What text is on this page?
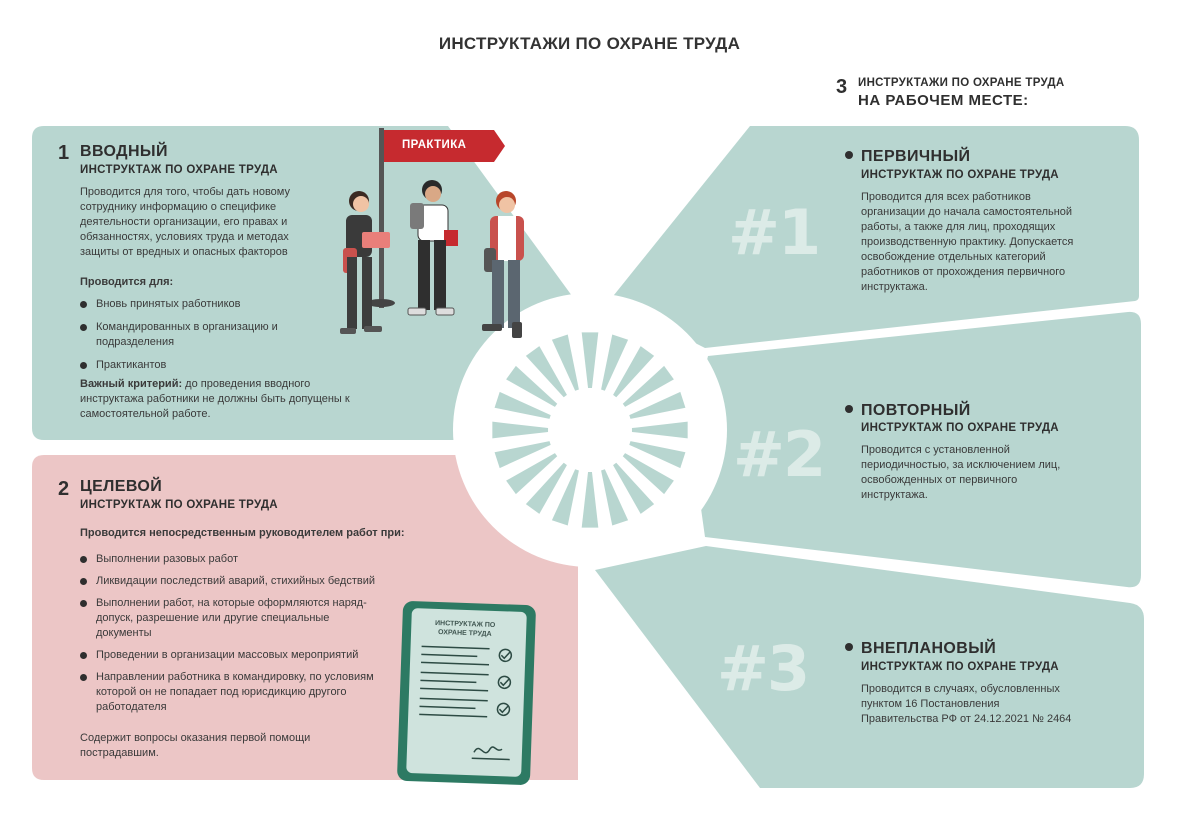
ИНСТРУКТАЖИ ПО ОХРАНЕ ТРУДА
1 ВВОДНЫЙ
ИНСТРУКТАЖ ПО ОХРАНЕ ТРУДА
Проводится для того, чтобы дать новому сотруднику информацию о специфике деятельности организации, его правах и обязанностях, условиях труда и методах защиты от вредных и опасных факторов
Проводится для:
Вновь принятых работников
Командированных в организацию и подразделения
Практикантов
Важный критерий: до проведения вводного инструктажа работники не должны быть допущены к самостоятельной работе.
ПРАКТИКА
2 ЦЕЛЕВОЙ
ИНСТРУКТАЖ ПО ОХРАНЕ ТРУДА
Проводится непосредственным руководителем работ при:
Выполнении разовых работ
Ликвидации последствий аварий, стихийных бедствий
Выполнении работ, на которые оформляются наряд-допуск, разрешение или другие специальные документы
Проведении в организации массовых мероприятий
Направлении работника в командировку, по условиям которой он не попадает под юрисдикцию другого работодателя
Содержит вопросы оказания первой помощи пострадавшим.
ИНСТРУКТАЖ ПО ОХРАНЕ ТРУДА
3 ИНСТРУКТАЖИ ПО ОХРАНЕ ТРУДА
НА РАБОЧЕМ МЕСТЕ:
#1
ПЕРВИЧНЫЙ
ИНСТРУКТАЖ ПО ОХРАНЕ ТРУДА
Проводится для всех работников организации до начала самостоятельной работы, а также для лиц, проходящих производственную практику. Допускается освобождение отдельных категорий работников от прохождения первичного инструктажа.
#2
ПОВТОРНЫЙ
ИНСТРУКТАЖ ПО ОХРАНЕ ТРУДА
Проводится с установленной периодичностью, за исключением лиц, освобожденных от первичного инструктажа.
#3	ВНЕПЛАНОВЫЙ
ИНСТРУКТАЖ ПО ОХРАНЕ ТРУДА
Проводится в случаях, обусловленных пунктом 16 Постановления Правительства РФ от 24.12.2021 № 2464
